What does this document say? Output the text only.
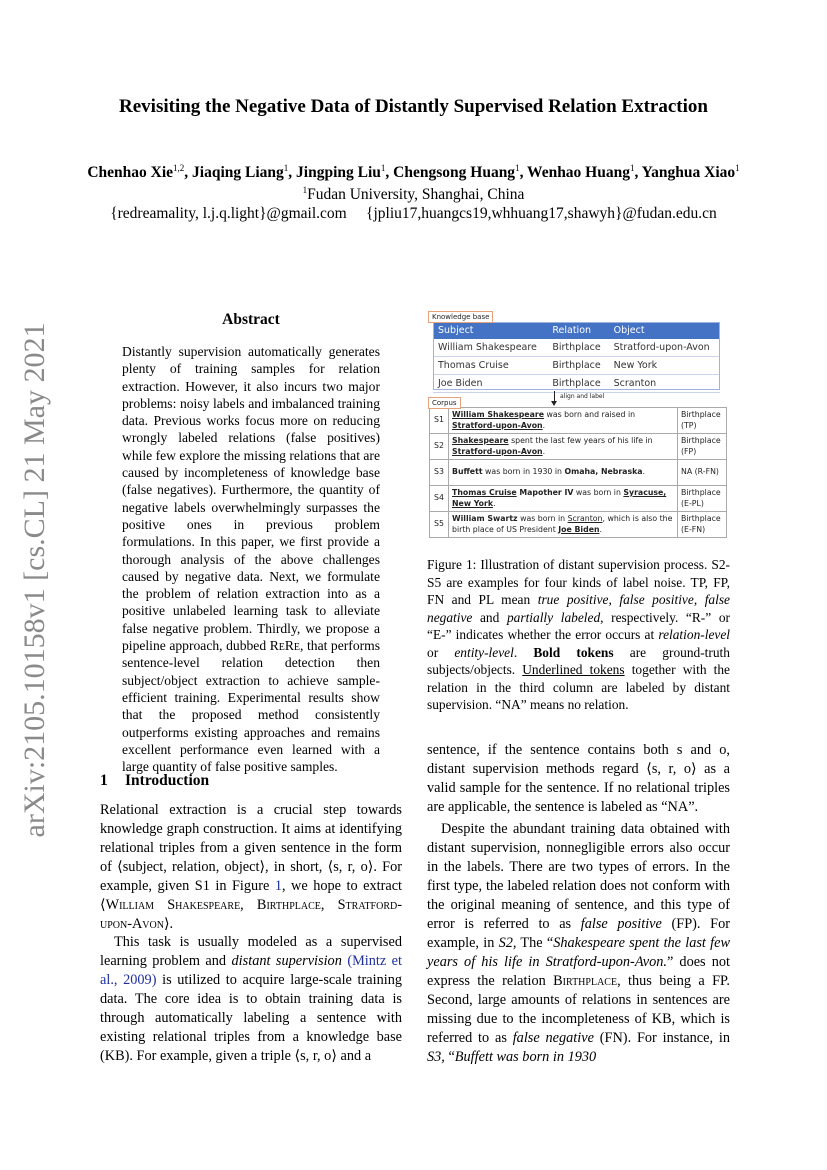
Revisiting the Negative Data of Distantly Supervised Relation Extraction
Chenhao Xie$^{1,2}$, Jiaqing Liang$^1$, Jingping Liu$^1$, Chengsong Huang$^1$, Wenhao Huang$^1$, Yanghua Xiao$^1$
$^1$Fudan University, Shanghai, China
{redreamality, l.j.q.light}@gmail.com     {jpliu17,huangcs19,whhuang17,shawyh}@fudan.edu.cn
arXiv:2105.10158v1 [cs.CL] 21 May 2021
Abstract
Distantly supervision automatically generates plenty of training samples for relation extraction. However, it also incurs two major problems: noisy labels and imbalanced training data. Previous works focus more on reducing wrongly labeled relations (false positives) while few explore the missing relations that are caused by incompleteness of knowledge base (false negatives). Furthermore, the quantity of negative labels overwhelmingly surpasses the positive ones in previous problem formulations. In this paper, we first provide a thorough analysis of the above challenges caused by negative data. Next, we formulate the problem of relation extraction into as a positive unlabeled learning task to alleviate false negative problem. Thirdly, we propose a pipeline approach, dubbed ReRe, that performs sentence-level relation detection then subject/object extraction to achieve sample-efficient training. Experimental results show that the proposed method consistently outperforms existing approaches and remains excellent performance even learned with a large quantity of false positive samples.
1 Introduction
Relational extraction is a crucial step towards knowledge graph construction. It aims at identifying relational triples from a given sentence in the form of ⟨subject, relation, object⟩, in short, ⟨s, r, o⟩. For example, given S1 in Figure 1, we hope to extract ⟨William Shakespeare, Birthplace, Stratford-upon-Avon⟩.
This task is usually modeled as a supervised learning problem and distant supervision (Mintz et al., 2009) is utilized to acquire large-scale training data. The core idea is to obtain training data is through automatically labeling a sentence with existing relational triples from a knowledge base (KB). For example, given a triple ⟨s, r, o⟩ and a
Subject	Relation	Object
William Shakespeare	Birthplace	Stratford-upon-Avon
Thomas Cruise	Birthplace	New York
Joe Biden	Birthplace	Scranton
Knowledge base
align and label
S1	William Shakespeare was born and raised in Stratford-upon-Avon.	Birthplace (TP)
S2	Shakespeare spent the last few years of his life in Stratford-upon-Avon.	Birthplace (FP)
S3	Buffett was born in 1930 in Omaha, Nebraska.	NA (R-FN)
S4	Thomas Cruise Mapother IV was born in Syracuse, New York.	Birthplace (E-PL)
S5	William Swartz was born in Scranton, which is also the birth place of US President Joe Biden.	Birthplace (E-FN)
Corpus
Figure 1: Illustration of distant supervision process. S2-S5 are examples for four kinds of label noise. TP, FP, FN and PL mean true positive, false positive, false negative and partially labeled, respectively. “R-” or “E-” indicates whether the error occurs at relation-level or entity-level. Bold tokens are ground-truth subjects/objects. Underlined tokens together with the relation in the third column are labeled by distant supervision. “NA” means no relation.
sentence, if the sentence contains both s and o, distant supervision methods regard ⟨s, r, o⟩ as a valid sample for the sentence. If no relational triples are applicable, the sentence is labeled as “NA”.
Despite the abundant training data obtained with distant supervision, nonnegligible errors also occur in the labels. There are two types of errors. In the first type, the labeled relation does not conform with the original meaning of sentence, and this type of error is referred to as false positive (FP). For example, in S2, The “Shakespeare spent the last few years of his life in Stratford-upon-Avon.” does not express the relation Birthplace, thus being a FP. Second, large amounts of relations in sentences are missing due to the incompleteness of KB, which is referred to as false negative (FN). For instance, in S3, “Buffett was born in 1930
